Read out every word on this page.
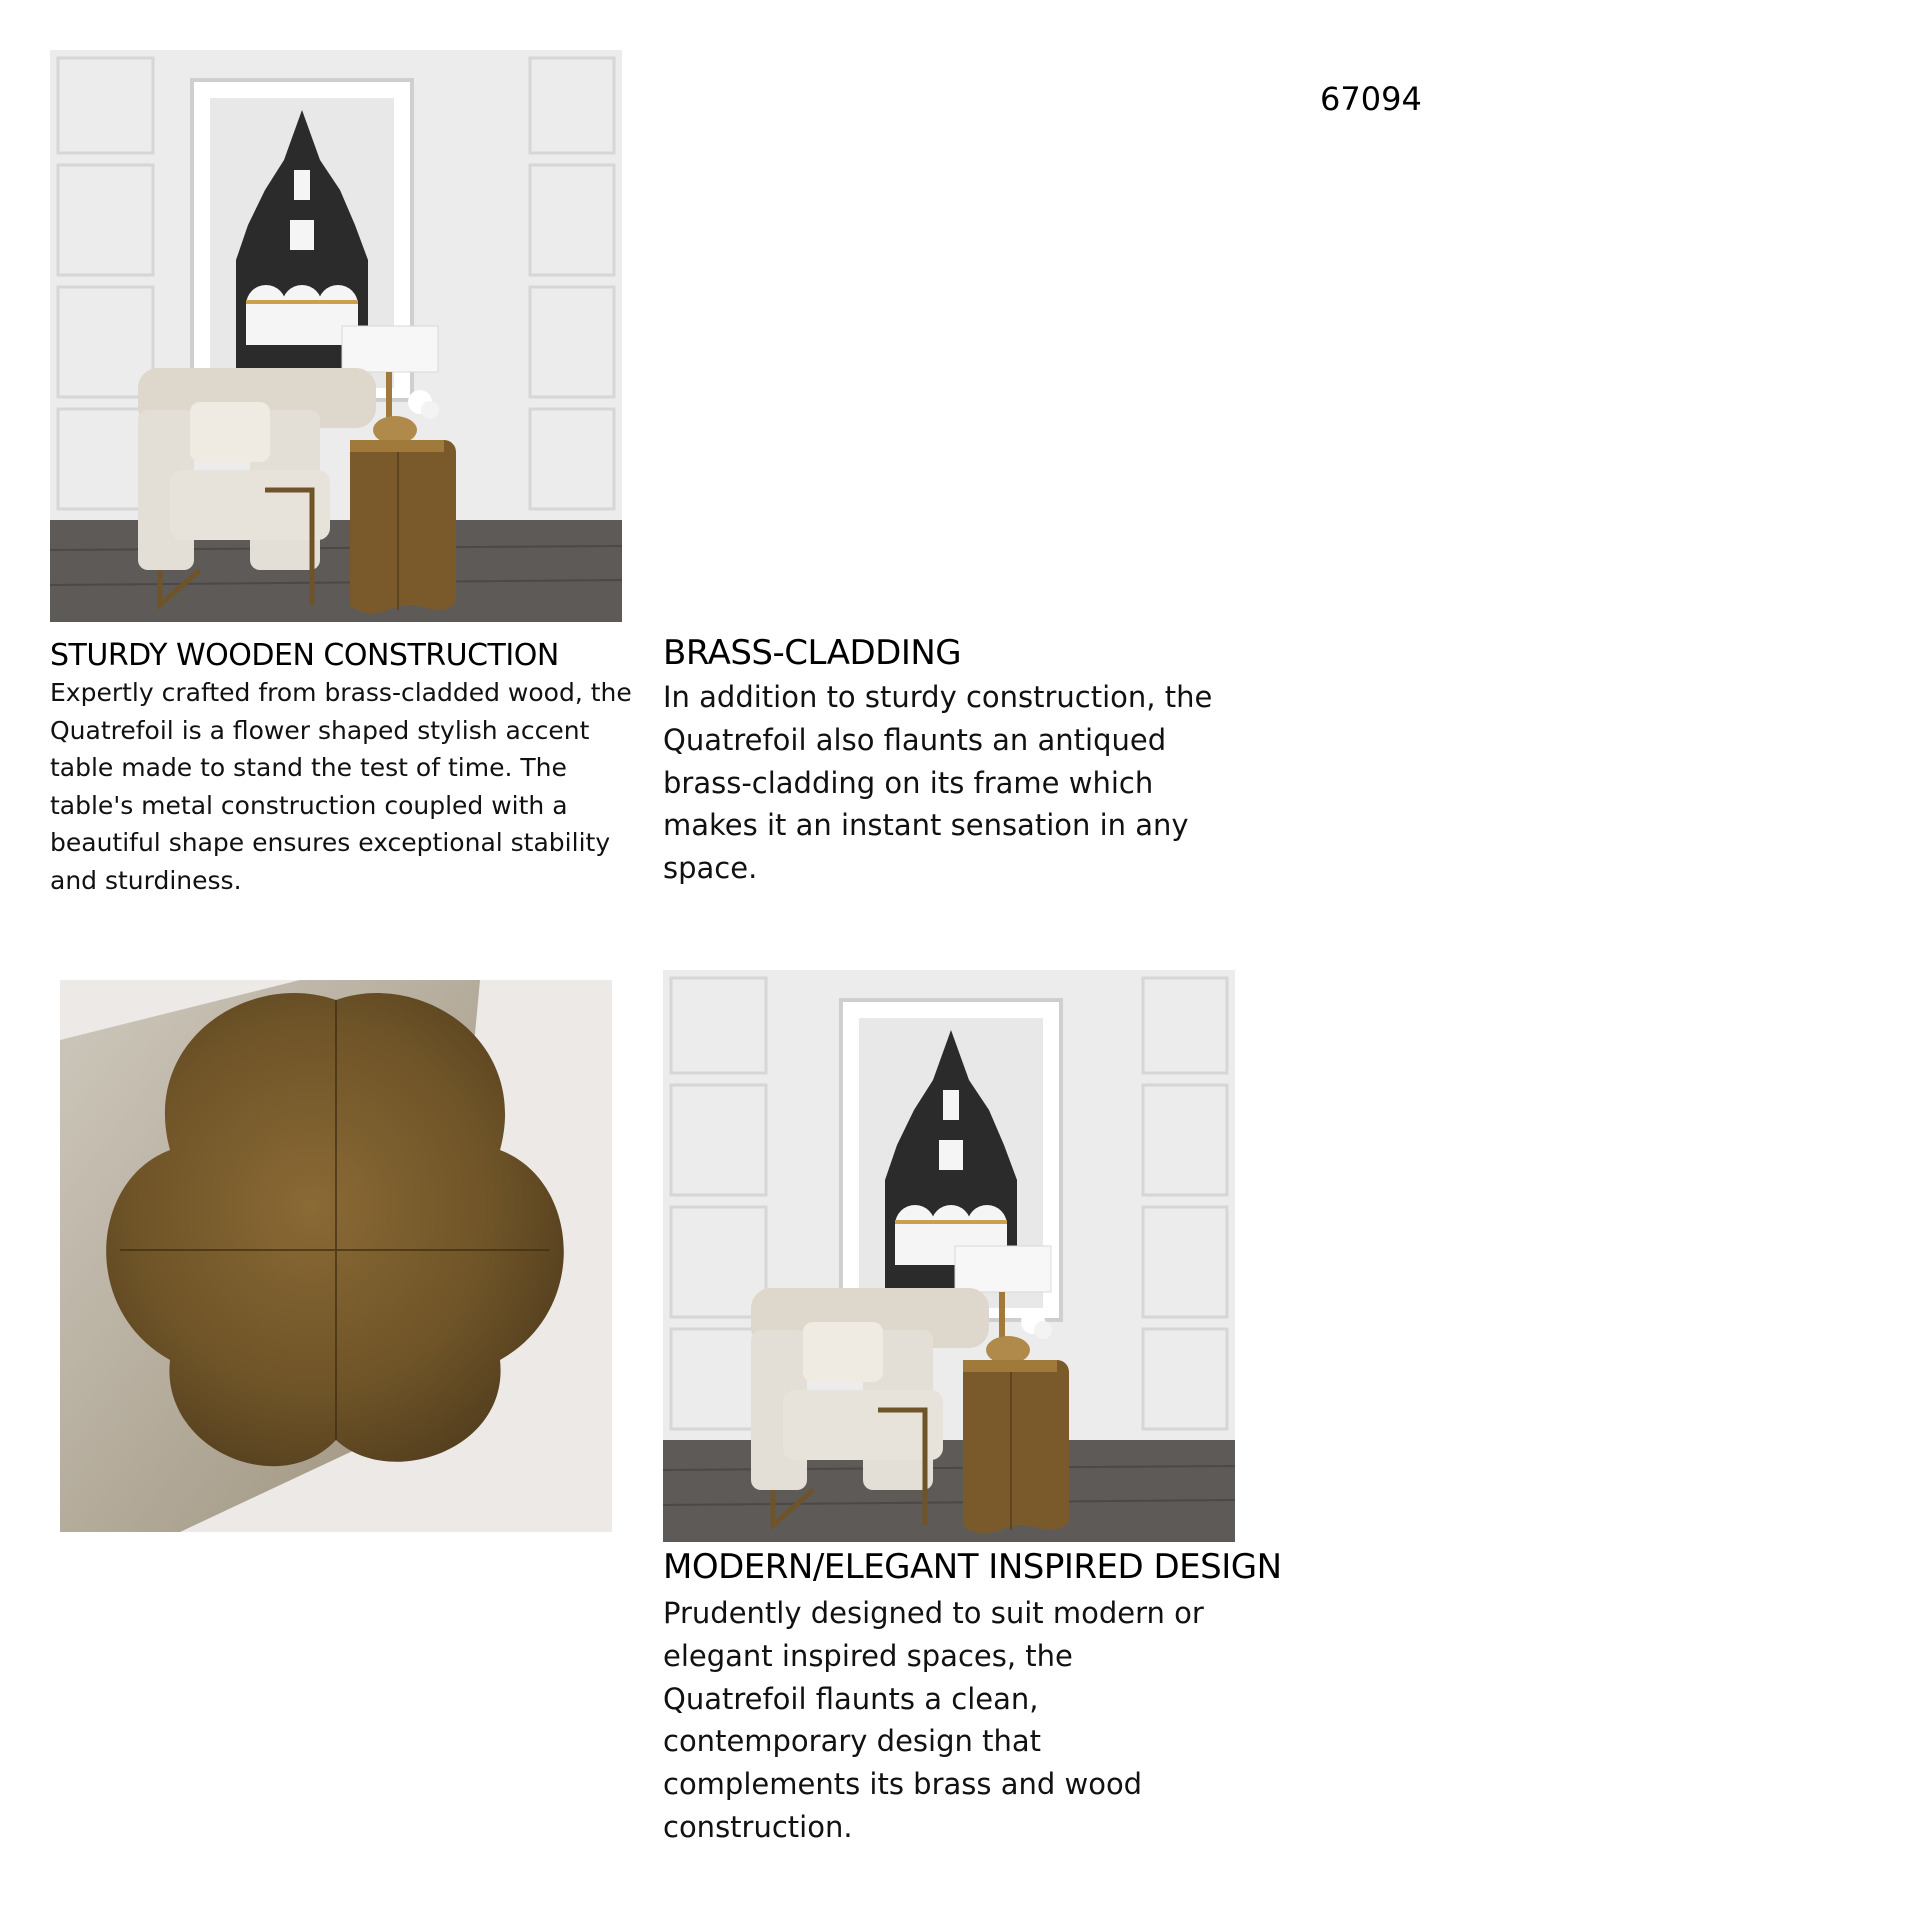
67094
STURDY WOODEN CONSTRUCTION

Expertly crafted from brass-cladded wood, the Quatrefoil is a flower shaped stylish accent table made to stand the test of time. The table's metal construction coupled with a beautiful shape ensures exceptional stability and sturdiness.

BRASS-CLADDING

In addition to sturdy construction, the Quatrefoil also flaunts an antiqued brass-cladding on its frame which makes it an instant sensation in any space.

MODERN/ELEGANT INSPIRED DESIGN

Prudently designed to suit modern or elegant inspired spaces, the Quatrefoil flaunts a clean, contemporary design that complements its brass and wood construction.
